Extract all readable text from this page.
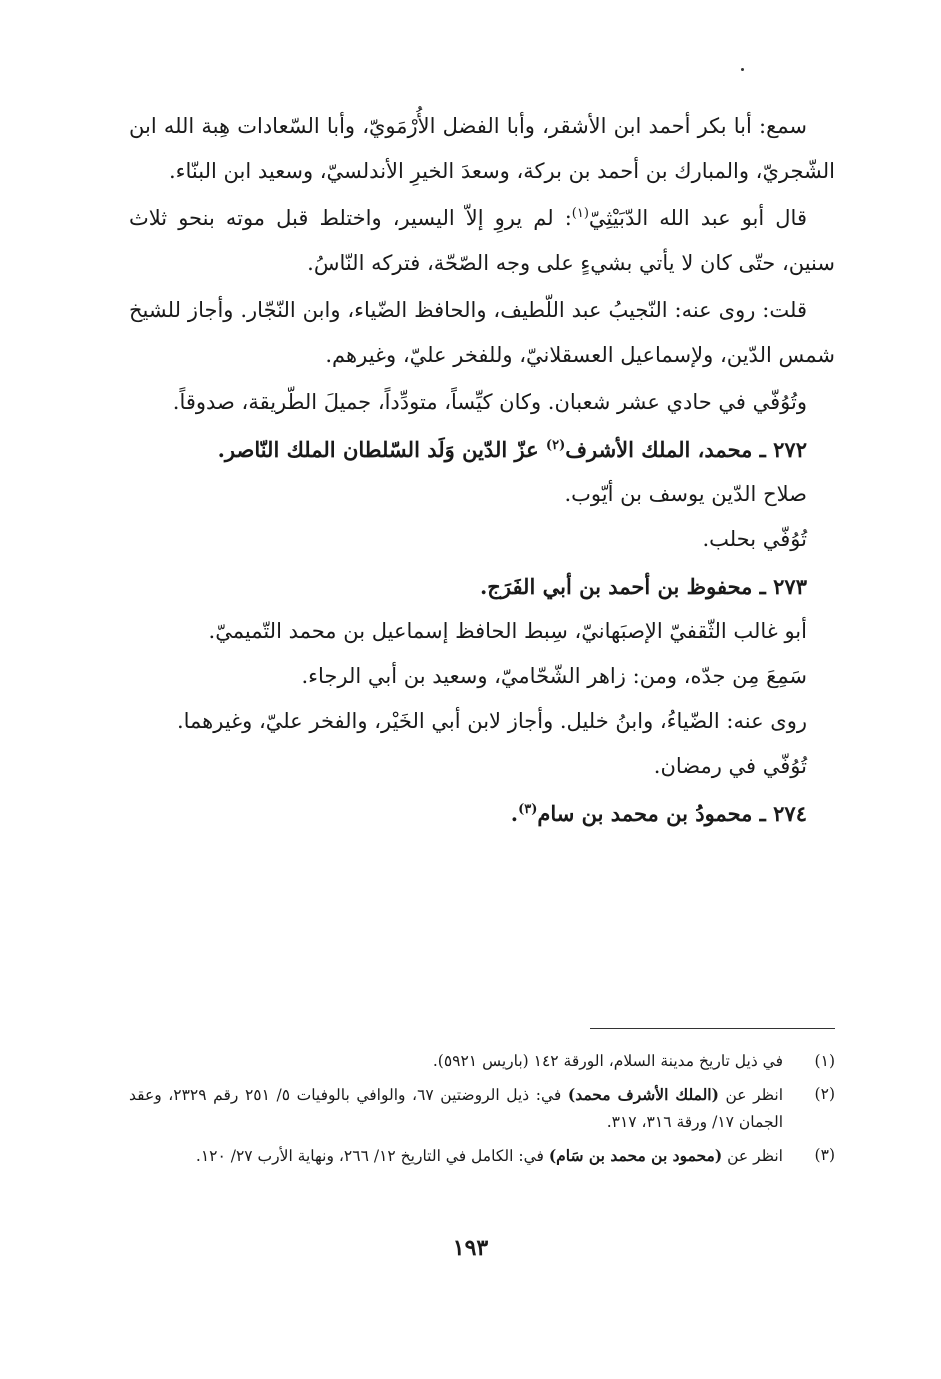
سمع: أبا بكر أحمد ابن الأشقر، وأبا الفضل الأُرْمَويّ، وأبا السّعادات هِبة الله ابن الشّجريّ، والمبارك بن أحمد بن بركة، وسعدَ الخيرِ الأندلسيّ، وسعيد ابن البنّاء.

قال أبو عبد الله الدّبَيْثِيّ$^{(١)}$: لم يروِ إلاّ اليسير، واختلط قبل موته بنحو ثلاث سنين، حتّى كان لا يأتي بشيءٍ على وجه الصّحّة، فتركه النّاسُ.

قلت: روى عنه: النّجيبُ عبد اللّطيف، والحافظ الضّياء، وابن النّجّار. وأجاز للشيخ شمس الدّين، ولإسماعيل العسقلانيّ، وللفخر عليّ، وغيرهم.

وتُوُفّي في حادي عشر شعبان. وكان كيِّساً، متودِّداً، جميلَ الطّريقة، صدوقاً.

٢٧٢ ـ محمد، الملك الأشرف$^{(٢)}$ عزّ الدّين وَلَد السّلطان الملك النّاصر.

صلاح الدّين يوسف بن أيّوب.

تُوُفّي بحلب.

٢٧٣ ـ محفوظ بن أحمد بن أبي الفَرَج.

أبو غالب الثّقفيّ الإصبَهانيّ، سِبط الحافظ إسماعيل بن محمد التّميميّ.

سَمِعَ مِن جدّه، ومن: زاهر الشّحّاميّ، وسعيد بن أبي الرجاء.

روى عنه: الضّياءُ، وابنُ خليل. وأجاز لابن أبي الخَيْر، والفخر عليّ، وغيرهما.

تُوُفّي في رمضان.

٢٧٤ ـ محمودُ بن محمد بن سام$^{(٣)}$.

(١)
في ذيل تاريخ مدينة السلام، الورقة ١٤٢ (باريس ٥٩٢١).
(٢)
انظر عن (الملك الأشرف محمد) في: ذيل الروضتين ٦٧، والوافي بالوفيات ٥/ ٢٥١ رقم ٢٣٢٩، وعقد الجمان ١٧/ ورقة ٣١٦، ٣١٧.
(٣)
انظر عن (محمود بن محمد بن سَام) في: الكامل في التاريخ ١٢/ ٢٦٦، ونهاية الأرب ٢٧/ ١٢٠.
١٩٣
